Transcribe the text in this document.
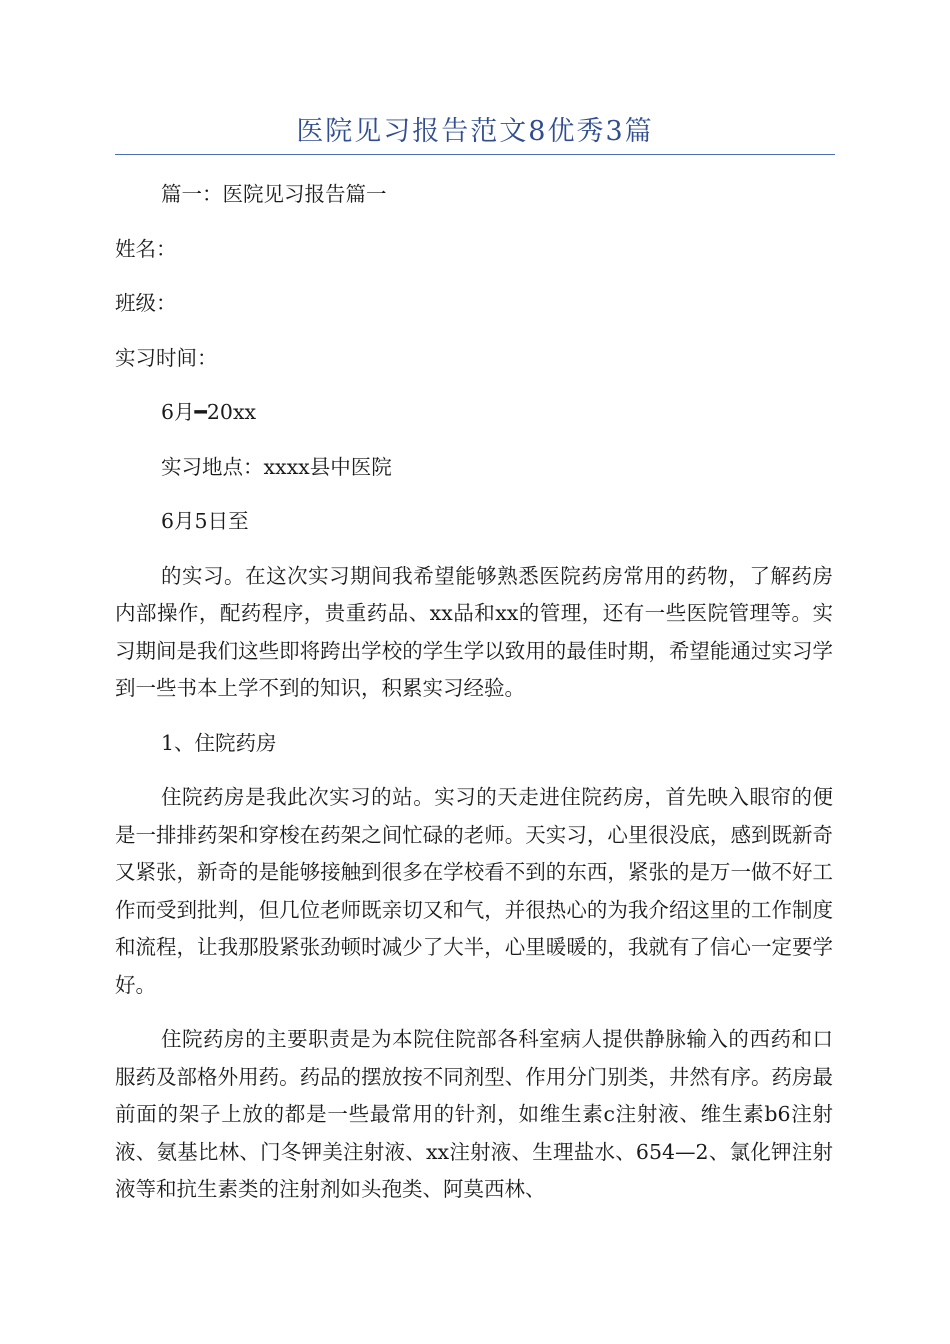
医院见习报告范文8优秀3篇

篇一：医院见习报告篇一

姓名：

班级：

实习时间：

6月━20xx

实习地点：xxxx县中医院

6月5日至

的实习。在这次实习期间我希望能够熟悉医院药房常用的药物，了解药房内部操作，配药程序，贵重药品、xx品和xx的管理，还有一些医院管理等。实习期间是我们这些即将跨出学校的学生学以致用的最佳时期，希望能通过实习学到一些书本上学不到的知识，积累实习经验。

1、住院药房

住院药房是我此次实习的站。实习的天走进住院药房，首先映入眼帘的便是一排排药架和穿梭在药架之间忙碌的老师。天实习，心里很没底，感到既新奇又紧张，新奇的是能够接触到很多在学校看不到的东西，紧张的是万一做不好工作而受到批判，但几位老师既亲切又和气，并很热心的为我介绍这里的工作制度和流程，让我那股紧张劲顿时减少了大半，心里暖暖的，我就有了信心一定要学好。

住院药房的主要职责是为本院住院部各科室病人提供静脉输入的西药和口服药及部格外用药。药品的摆放按不同剂型、作用分门别类，井然有序。药房最前面的架子上放的都是一些最常用的针剂，如维生素c注射液、维生素b6注射液、氨基比林、门冬钾美注射液、xx注射液、生理盐水、654—2、氯化钾注射液等和抗生素类的注射剂如头孢类、阿莫西林、
